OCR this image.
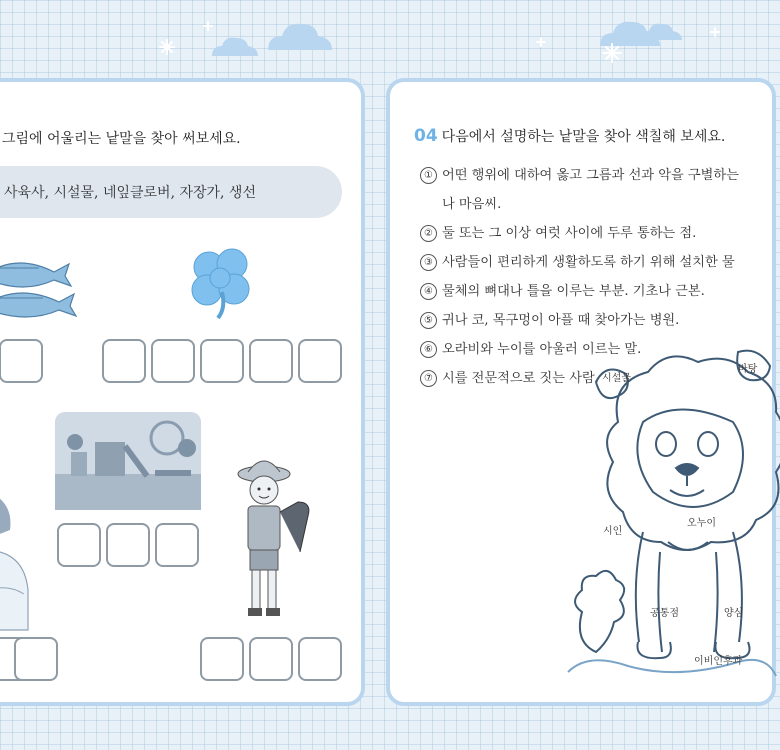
그림에 어울리는 낱말을 찾아 써보세요.
사육사, 시설물, 네잎클로버, 자장가, 생선
04 다음에서 설명하는 낱말을 찾아 색칠해 보세요.
① 어떤 행위에 대하여 옳고 그름과 선과 악을 구별하는
나 마음씨.
② 둘 또는 그 이상 여럿 사이에 두루 통하는 점.
③ 사람들이 편리하게 생활하도록 하기 위해 설치한 물
④ 물체의 뼈대나 틀을 이루는 부분. 기초나 근본.
⑤ 귀나 코, 목구멍이 아플 때 찾아가는 병원.
⑥ 오라비와 누이를 아울러 이르는 말.
⑦ 시를 전문적으로 짓는 사람. 시설물
바탕
시인
오누이
공통점	양심
이비인후과
